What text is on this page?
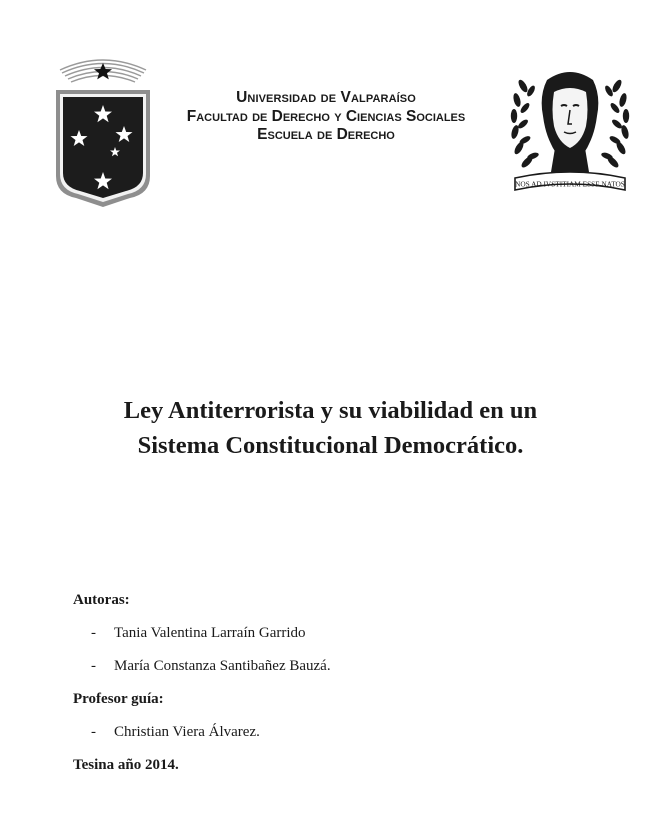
Universidad de Valparaíso
Facultad de Derecho y Ciencias Sociales
Escuela de Derecho
NOS AD IVSTITIAM ESSE NATOS
Ley Antiterrorista y su viabilidad en un
Sistema Constitucional Democrático.
Autoras:
- Tania Valentina Larraín Garrido
- María Constanza Santibañez Bauzá.
Profesor guía:
- Christian Viera Álvarez.
Tesina año 2014.
